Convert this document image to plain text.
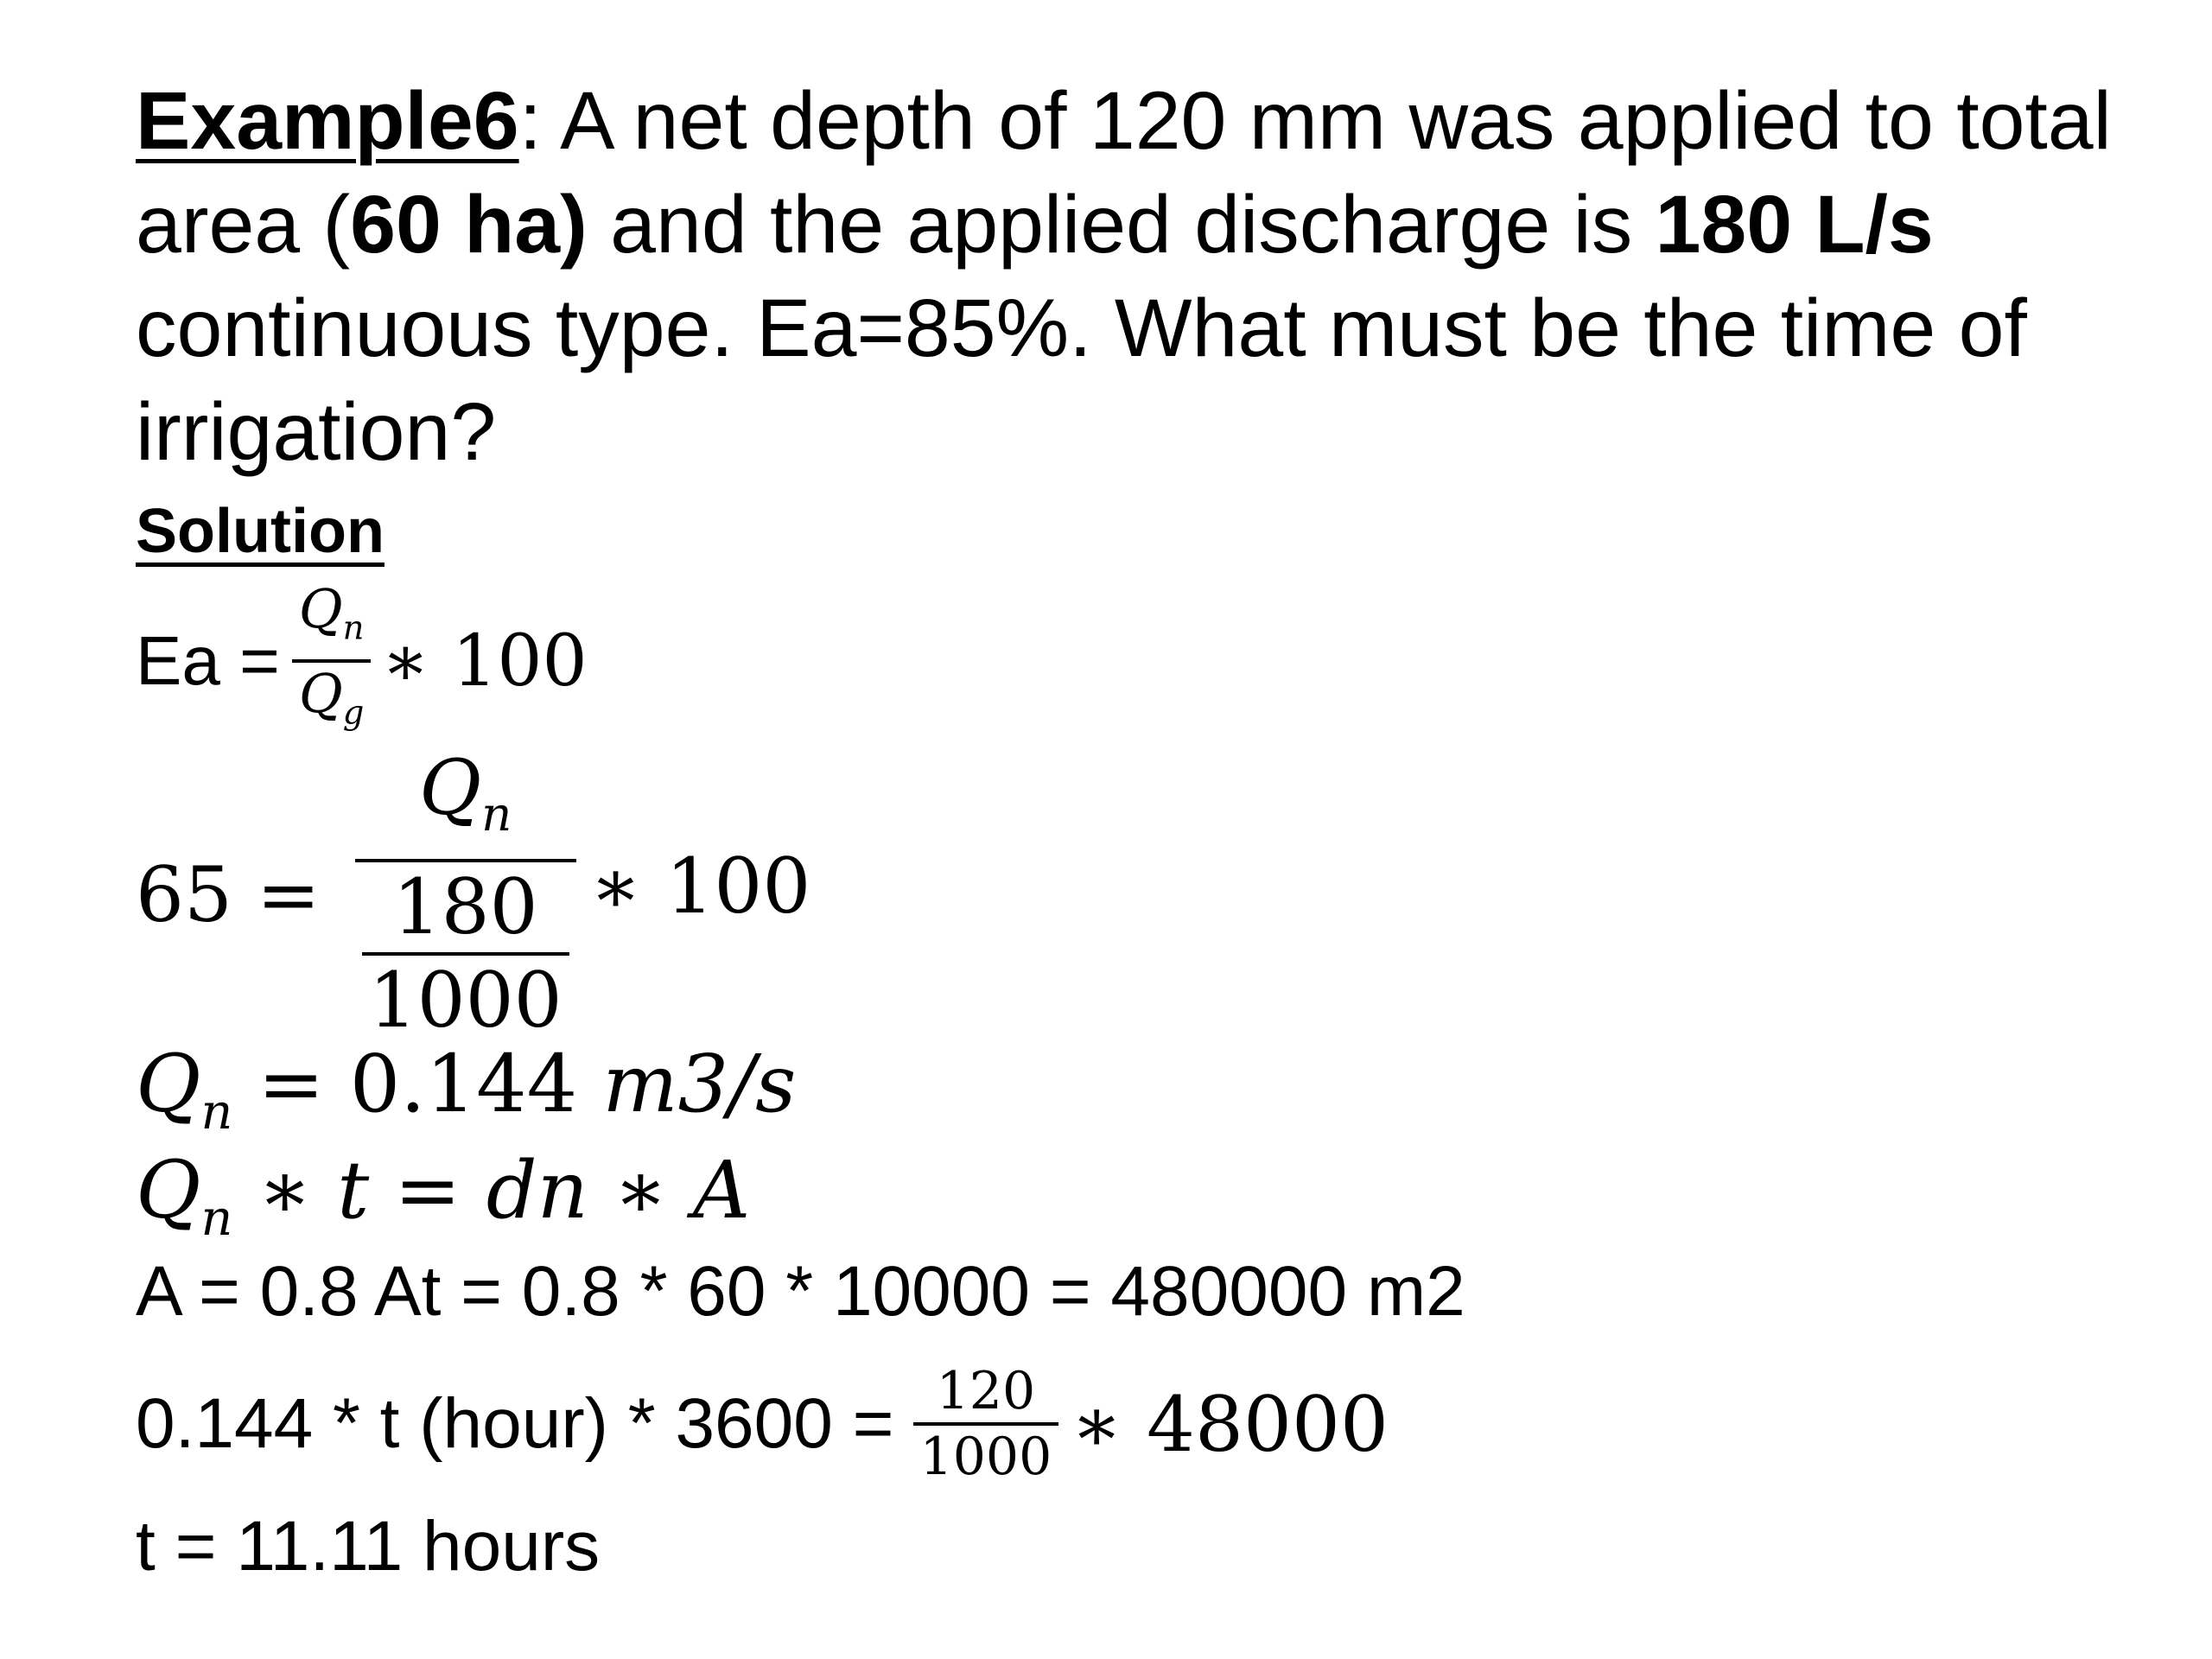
Example6: A net depth of 120 mm was applied to total
area (60 ha) and the applied discharge is 180 L/s
continuous type. Ea=85%. What must be the time of
irrigation?
Solution
$Ea = \frac{Q_n}{Q_g}$ ∗ 100
$65 = \frac{Q_n}{\frac{180}{1000}}$ ∗ 100
$Q_n = 0.144$ m3/s
$Q_n$ ∗ t = dn ∗ A
A = 0.8 At = 0.8 * 60 * 10000 = 480000 m2
0.144 * t (hour) * $3600 = \frac{120}{1000}$ ∗ 48000
t = 11.11 hours
